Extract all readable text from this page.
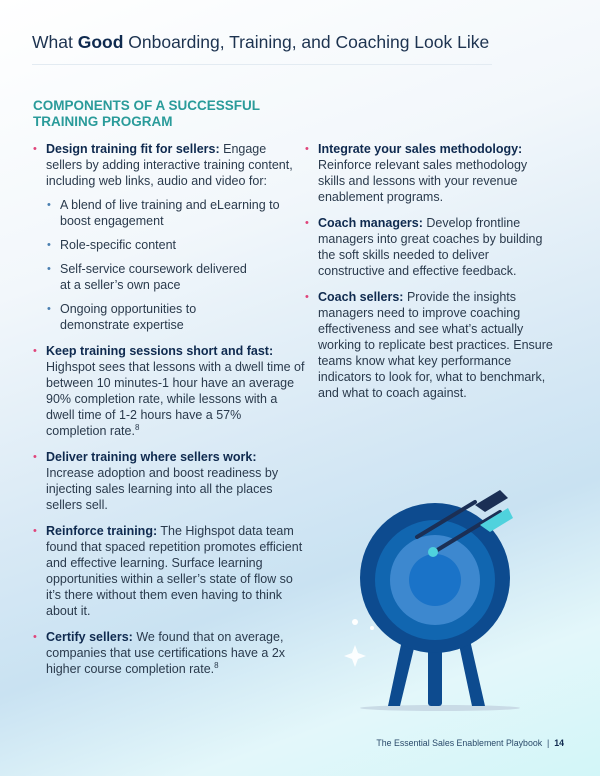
What Good Onboarding, Training, and Coaching Look Like
COMPONENTS OF A SUCCESSFUL TRAINING PROGRAM
• Design training fit for sellers: Engage sellers by adding interactive training content, including web links, audio and video for:
• A blend of live training and eLearning to boost engagement
• Role-specific content
• Self-service coursework delivered at a seller’s own pace
• Ongoing opportunities to demonstrate expertise
• Keep training sessions short and fast: Highspot sees that lessons with a dwell time of between 10 minutes-1 hour have an average 90% completion rate, while lessons with a dwell time of 1-2 hours have a 57% completion rate.$^8$
• Deliver training where sellers work: Increase adoption and boost readiness by injecting sales learning into all the places sellers sell.
• Reinforce training: The Highspot data team found that spaced repetition promotes efficient and effective learning. Surface learning opportunities within a seller’s state of flow so it’s there without them even having to think about it.
• Certify sellers: We found that on average, companies that use certifications have a 2x higher course completion rate.$^8$
• Integrate your sales methodology: Reinforce relevant sales methodology skills and lessons with your revenue enablement programs.
• Coach managers: Develop frontline managers into great coaches by building the soft skills needed to deliver constructive and effective feedback.
• Coach sellers: Provide the insights managers need to improve coaching effectiveness and see what’s actually working to replicate best practices. Ensure teams know what key performance indicators to look for, what to benchmark, and what to coach against.
The Essential Sales Enablement Playbook  |  14
